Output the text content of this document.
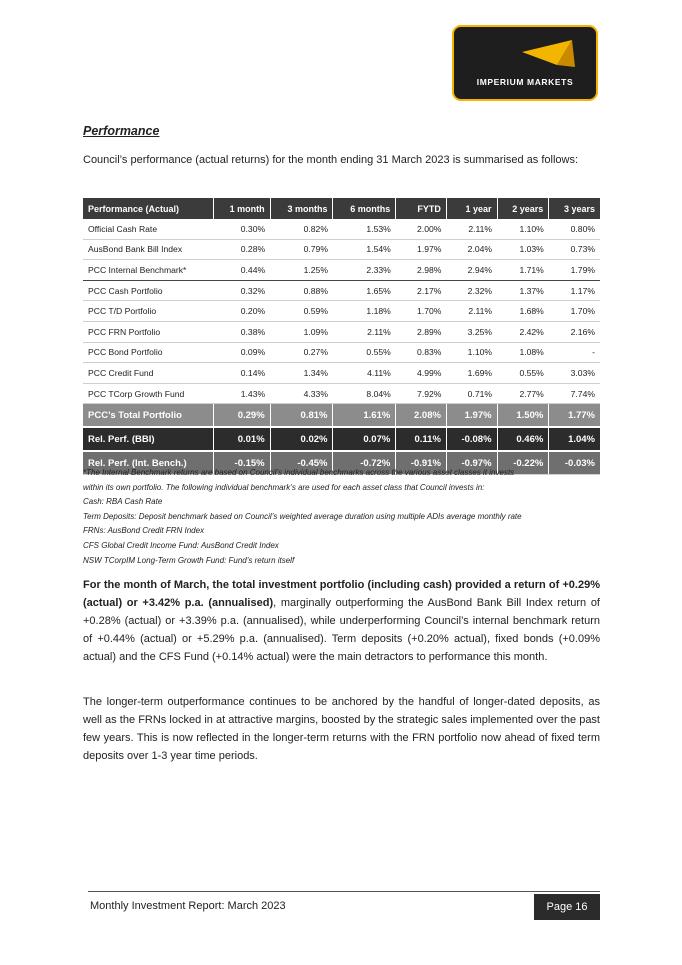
IMPERIUM MARKETS
Performance
Council’s performance (actual returns) for the month ending 31 March 2023 is summarised as follows:
Performance (Actual)	1 month	3 months	6 months	FYTD	1 year	2 years	3 years
Official Cash Rate	0.30%	0.82%	1.53%	2.00%	2.11%	1.10%	0.80%
AusBond Bank Bill Index	0.28%	0.79%	1.54%	1.97%	2.04%	1.03%	0.73%
PCC Internal Benchmark*	0.44%	1.25%	2.33%	2.98%	2.94%	1.71%	1.79%
PCC Cash Portfolio	0.32%	0.88%	1.65%	2.17%	2.32%	1.37%	1.17%
PCC T/D Portfolio	0.20%	0.59%	1.18%	1.70%	2.11%	1.68%	1.70%
PCC FRN Portfolio	0.38%	1.09%	2.11%	2.89%	3.25%	2.42%	2.16%
PCC Bond Portfolio	0.09%	0.27%	0.55%	0.83%	1.10%	1.08%	-
PCC Credit Fund	0.14%	1.34%	4.11%	4.99%	1.69%	0.55%	3.03%
PCC TCorp Growth Fund	1.43%	4.33%	8.04%	7.92%	0.71%	2.77%	7.74%
PCC’s Total Portfolio	0.29%	0.81%	1.61%	2.08%	1.97%	1.50%	1.77%
Rel. Perf. (BBI)	0.01%	0.02%	0.07%	0.11%	-0.08%	0.46%	1.04%
Rel. Perf. (Int. Bench.)	-0.15%	-0.45%	-0.72%	-0.91%	-0.97%	-0.22%	-0.03%
*The Internal Benchmark returns are based on Council’s individual benchmarks across the various asset classes it invests
within its own portfolio. The following individual benchmark’s are used for each asset class that Council invests in:
Cash: RBA Cash Rate
Term Deposits: Deposit benchmark based on Council’s weighted average duration using multiple ADIs average monthly rate
FRNs: AusBond Credit FRN Index
CFS Global Credit Income Fund: AusBond Credit Index
NSW TCorpIM Long-Term Growth Fund: Fund’s return itself

For the month of March, the total investment portfolio (including cash) provided a return of +0.29% (actual) or +3.42% p.a. (annualised), marginally outperforming the AusBond Bank Bill Index return of +0.28% (actual) or +3.39% p.a. (annualised), while underperforming Council’s internal benchmark return of +0.44% (actual) or +5.29% p.a. (annualised). Term deposits (+0.20% actual), fixed bonds (+0.09% actual) and the CFS Fund (+0.14% actual) were the main detractors to performance this month.

The longer-term outperformance continues to be anchored by the handful of longer-dated deposits, as well as the FRNs locked in at attractive margins, boosted by the strategic sales implemented over the past few years. This is now reflected in the longer-term returns with the FRN portfolio now ahead of fixed term deposits over 1-3 year time periods.

Monthly Investment Report: March 2023	Page 16
